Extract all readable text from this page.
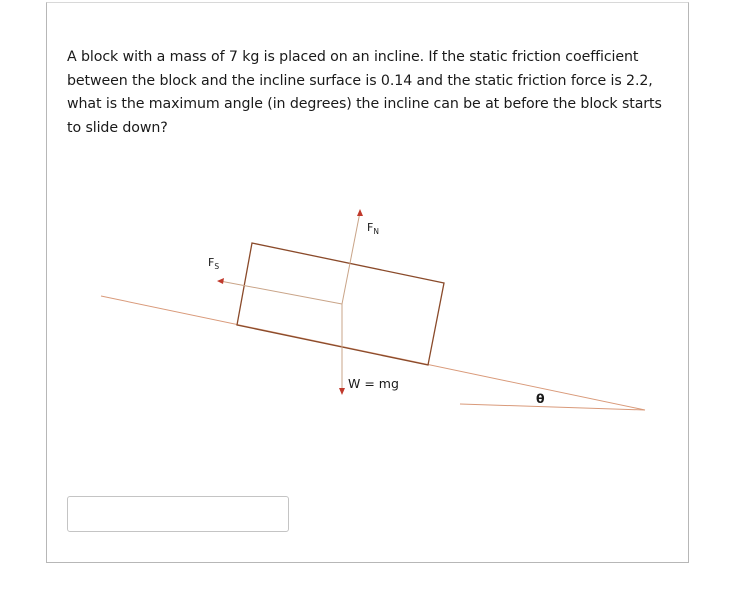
A block with a mass of 7 kg is placed on an incline. If the static friction coefficient between the block and the incline surface is 0.14 and the static friction force is 2.2, what is the maximum angle (in degrees) the incline can be at before the block starts to slide down?

$F_N$
$F_S$
W = mg
θ
